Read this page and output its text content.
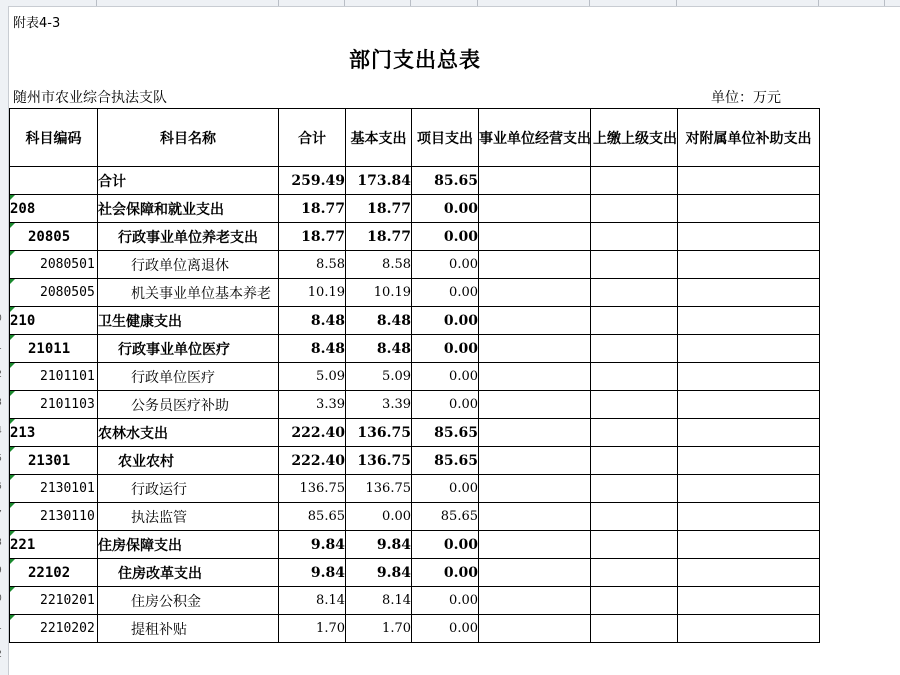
附表4-3
部门支出总表
随州市农业综合执法支队	单位：万元
科目编码	科目名称	合计	基本支出	项目支出	事业单位经营支出	上缴上级支出	对附属单位补助支出
	合计	259.49	173.84	85.65			
208	社会保障和就业支出	18.77	18.77	0.00			
20805	行政事业单位养老支出	18.77	18.77	0.00			
2080501	行政单位离退休	8.58	8.58	0.00			
2080505	机关事业单位基本养老	10.19	10.19	0.00			
210	卫生健康支出	8.48	8.48	0.00			
21011	行政事业单位医疗	8.48	8.48	0.00			
2101101	行政单位医疗	5.09	5.09	0.00			
2101103	公务员医疗补助	3.39	3.39	0.00			
213	农林水支出	222.40	136.75	85.65			
21301	农业农村	222.40	136.75	85.65			
2130101	行政运行	136.75	136.75	0.00			
2130110	执法监管	85.65	0.00	85.65			
221	住房保障支出	9.84	9.84	0.00			
22102	住房改革支出	9.84	9.84	0.00			
2210201	住房公积金	8.14	8.14	0.00			
2210202	提租补贴	1.70	1.70	0.00			
